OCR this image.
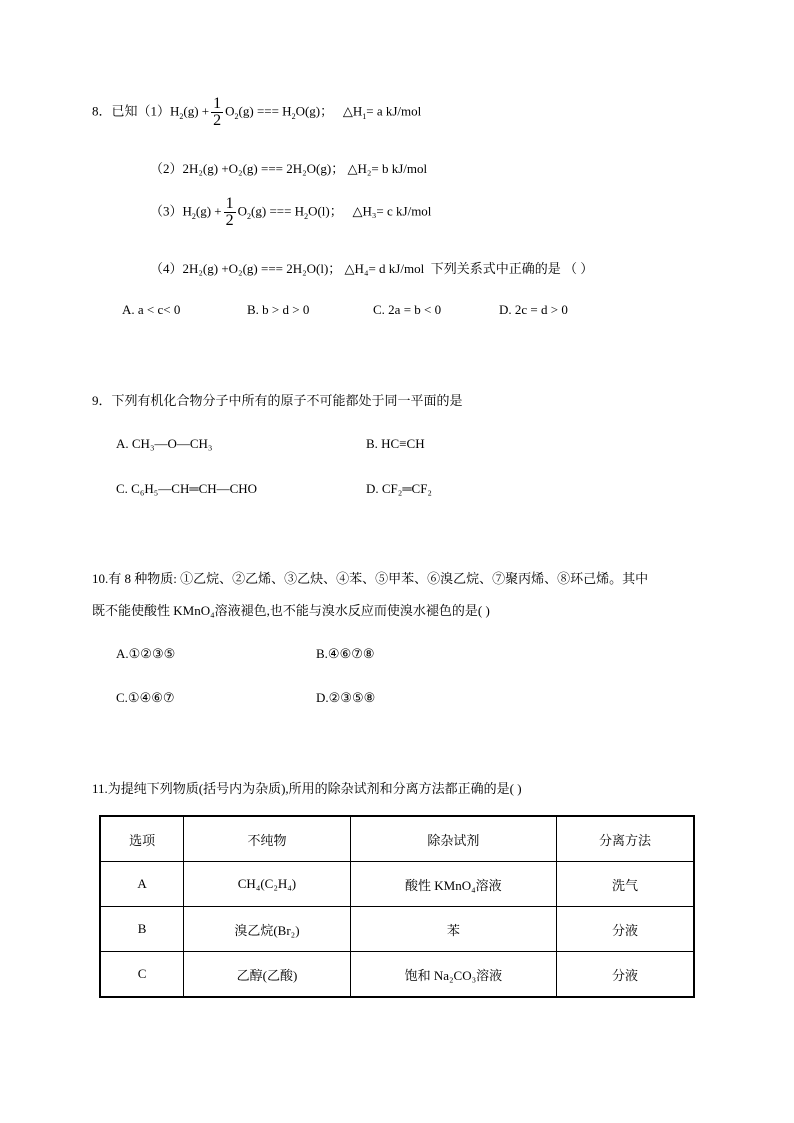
8．已知$(1)H_2(g) + \frac{1}{2} O_2(g)$ === $H_2O(g)$； $\triangle H_1= a$ kJ/mol
（2）2H₂(g) +O₂(g) === 2H₂O(g)； △H₂= b kJ/mol
$(3)H_2(g) + \frac{1}{2} O_2(g)$ === $H_2O(l)$； △H₃= c kJ/mol
（4）2H₂(g) +O₂(g) === 2H₂O(l)； △H₄= d kJ/mol 下列关系式中正确的是 （ ）
A. a < c< 0	B. b > d > 0	C. 2a = b < 0	D. 2c = d > 0
9．下列有机化合物分子中所有的原子不可能都处于同一平面的是
A. CH₃—O—CH₃	B. HC≡CH
C. C₆H₅—CH═CH—CHO	D. CF₂═CF₂
10.有 8 种物质: ①乙烷、②乙烯、③乙炔、④苯、⑤甲苯、⑥溴乙烷、⑦聚丙烯、⑧环己烯。其中
既不能使酸性 KMnO₄溶液褪色,也不能与溴水反应而使溴水褪色的是( )
A.①②③⑤	B.④⑥⑦⑧
C.①④⑥⑦	D.②③⑤⑧
11.为提纯下列物质(括号内为杂质),所用的除杂试剂和分离方法都正确的是( )
选项	不纯物	除杂试剂	分离方法
A	CH₄(C₂H₄)	酸性 KMnO₄溶液	洗气
B	溴乙烷(Br₂)	苯	分液
C	乙醇(乙酸)	饱和 Na₂CO₃溶液	分液
